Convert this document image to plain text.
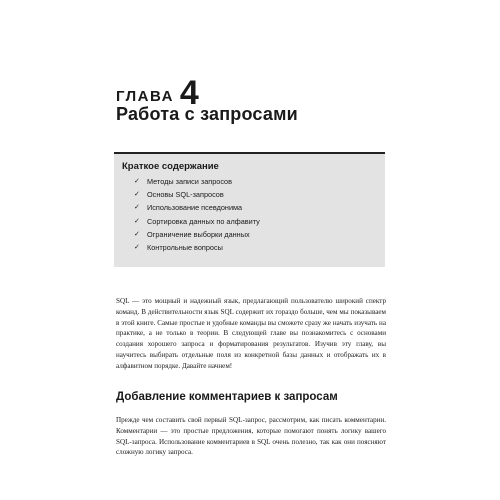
ГЛАВА 4
Работа с запросами
Краткое содержание
✓ Методы записи запросов
✓ Основы SQL-запросов
✓ Использование псевдонима
✓ Сортировка данных по алфавиту
✓ Ограничение выборки данных
✓ Контрольные вопросы

SQL — это мощный и надежный язык, предлагающий пользователю широкий спектр команд. В действительности язык SQL содержит их гораздо больше, чем мы показываем в этой книге. Самые простые и удобные команды вы сможете сразу же начать изучать на практике, а не только в теории. В следующей главе вы познакомитесь с основами создания хорошего запроса и форматирования результатов. Изучив эту главу, вы научитесь выбирать отдельные поля из конкретной базы данных и отображать их в алфавитном порядке. Давайте начнем!

Добавление комментариев к запросам

Прежде чем составить свой первый SQL-запрос, рассмотрим, как писать комментарии. Комментарии — это простые предложения, которые помогают понять логику вашего SQL-запроса. Использование комментариев в SQL очень полезно, так как они поясняют сложную логику запроса.
